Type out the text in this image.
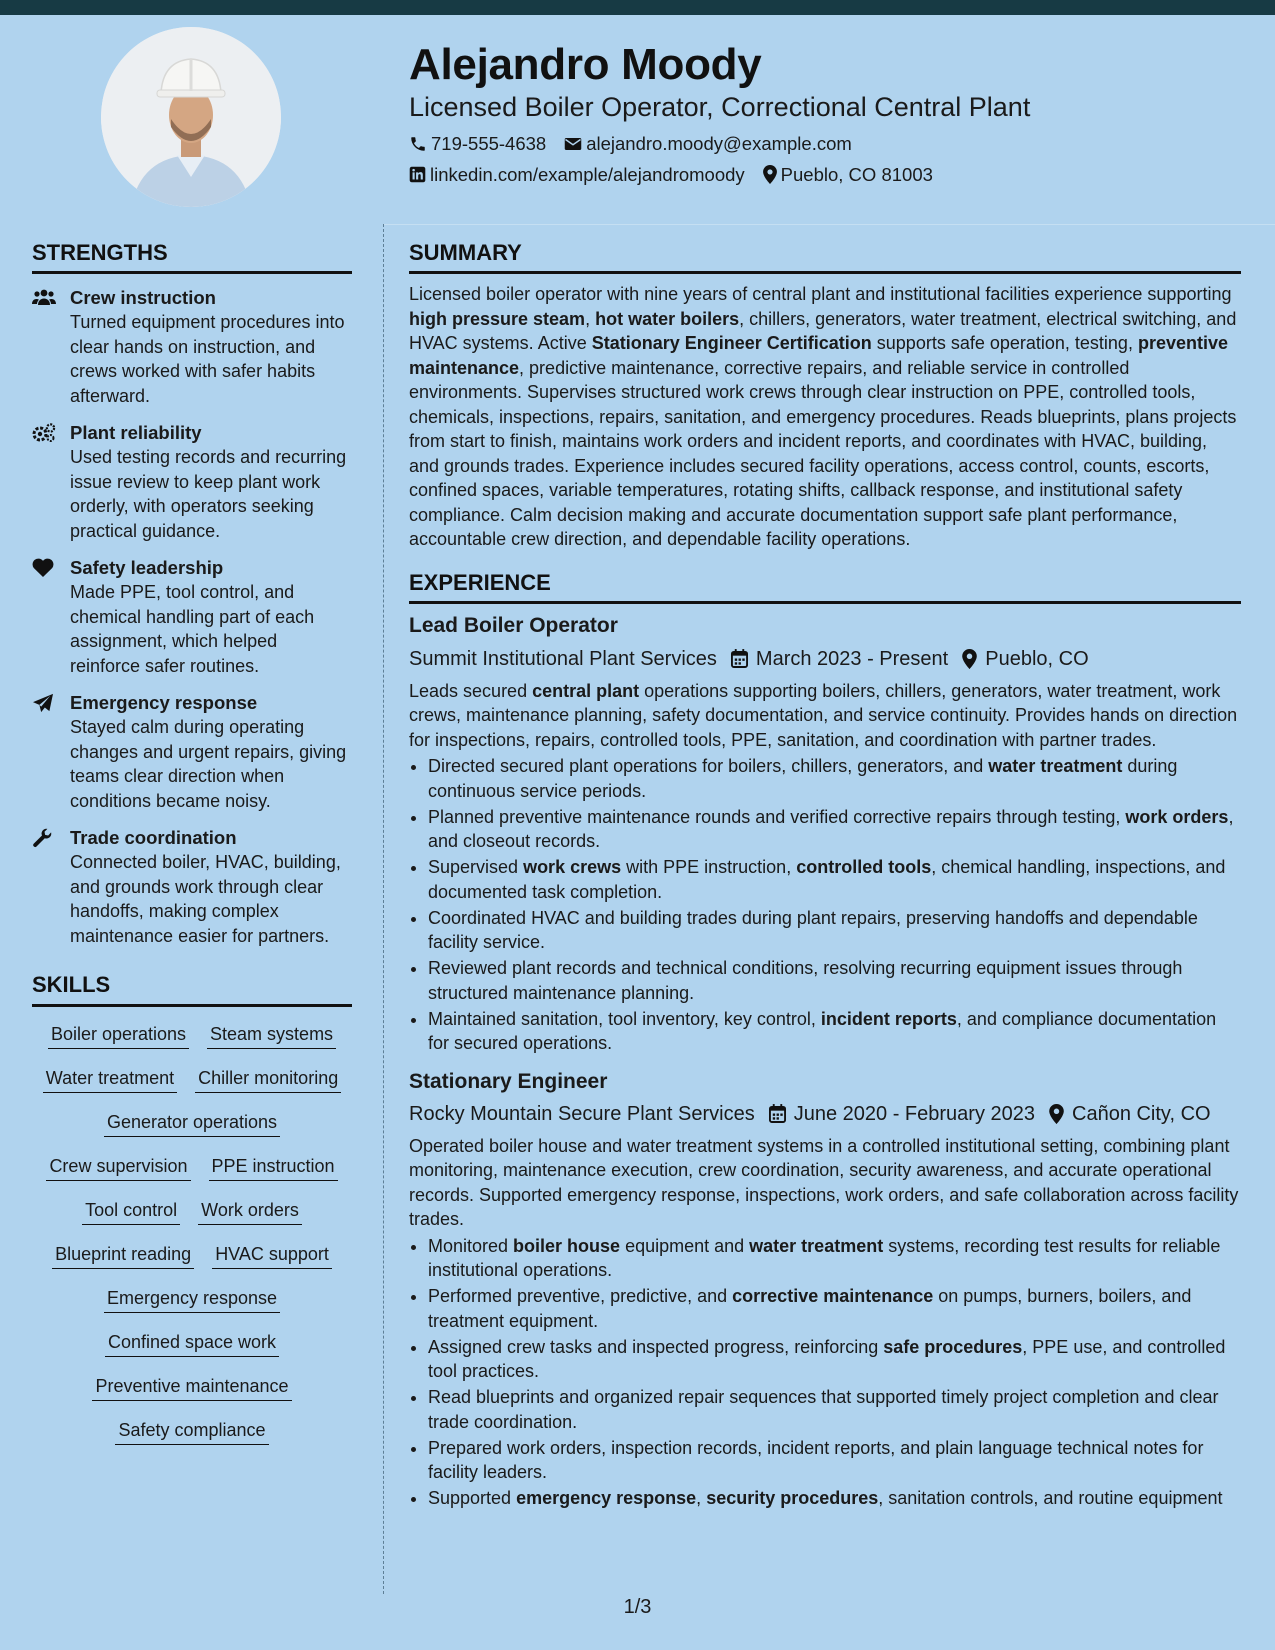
Alejandro Moody
Licensed Boiler Operator, Correctional Central Plant
719-555-4638 alejandro.moody@example.com
linkedin.com/example/alejandromoody Pueblo, CO 81003
STRENGTHS
Crew instruction
Turned equipment procedures into clear hands on instruction, and crews worked with safer habits afterward.
Plant reliability
Used testing records and recurring issue review to keep plant work orderly, with operators seeking practical guidance.
Safety leadership
Made PPE, tool control, and chemical handling part of each assignment, which helped reinforce safer routines.
Emergency response
Stayed calm during operating changes and urgent repairs, giving teams clear direction when conditions became noisy.
Trade coordination
Connected boiler, HVAC, building, and grounds work through clear handoffs, making complex maintenance easier for partners.
SKILLS
Boiler operations Steam systems
Water treatment Chiller monitoring
Generator operations
Crew supervision PPE instruction
Tool control Work orders
Blueprint reading HVAC support
Emergency response
Confined space work
Preventive maintenance
Safety compliance
SUMMARY

Licensed boiler operator with nine years of central plant and institutional facilities experience supporting high pressure steam, hot water boilers, chillers, generators, water treatment, electrical switching, and HVAC systems. Active Stationary Engineer Certification supports safe operation, testing, preventive maintenance, predictive maintenance, corrective repairs, and reliable service in controlled environments. Supervises structured work crews through clear instruction on PPE, controlled tools, chemicals, inspections, repairs, sanitation, and emergency procedures. Reads blueprints, plans projects from start to finish, maintains work orders and incident reports, and coordinates with HVAC, building, and grounds trades. Experience includes secured facility operations, access control, counts, escorts, confined spaces, variable temperatures, rotating shifts, callback response, and institutional safety compliance. Calm decision making and accurate documentation support safe plant performance, accountable crew direction, and dependable facility operations.

EXPERIENCE
Lead Boiler Operator
Summit Institutional Plant Services March 2023 - Present Pueblo, CO
Leads secured central plant operations supporting boilers, chillers, generators, water treatment, work crews, maintenance planning, safety documentation, and service continuity. Provides hands on direction for inspections, repairs, controlled tools, PPE, sanitation, and coordination with partner trades.
• Directed secured plant operations for boilers, chillers, generators, and water treatment during continuous service periods.
• Planned preventive maintenance rounds and verified corrective repairs through testing, work orders, and closeout records.
• Supervised work crews with PPE instruction, controlled tools, chemical handling, inspections, and documented task completion.
• Coordinated HVAC and building trades during plant repairs, preserving handoffs and dependable facility service.
• Reviewed plant records and technical conditions, resolving recurring equipment issues through structured maintenance planning.
• Maintained sanitation, tool inventory, key control, incident reports, and compliance documentation for secured operations.
Stationary Engineer
Rocky Mountain Secure Plant Services June 2020 - February 2023 Cañon City, CO
Operated boiler house and water treatment systems in a controlled institutional setting, combining plant monitoring, maintenance execution, crew coordination, security awareness, and accurate operational records. Supported emergency response, inspections, work orders, and safe collaboration across facility trades.
• Monitored boiler house equipment and water treatment systems, recording test results for reliable institutional operations.
• Performed preventive, predictive, and corrective maintenance on pumps, burners, boilers, and treatment equipment.
• Assigned crew tasks and inspected progress, reinforcing safe procedures, PPE use, and controlled tool practices.
• Read blueprints and organized repair sequences that supported timely project completion and clear trade coordination.
• Prepared work orders, inspection records, incident reports, and plain language technical notes for facility leaders.
• Supported emergency response, security procedures, sanitation controls, and routine equipment
1/3
